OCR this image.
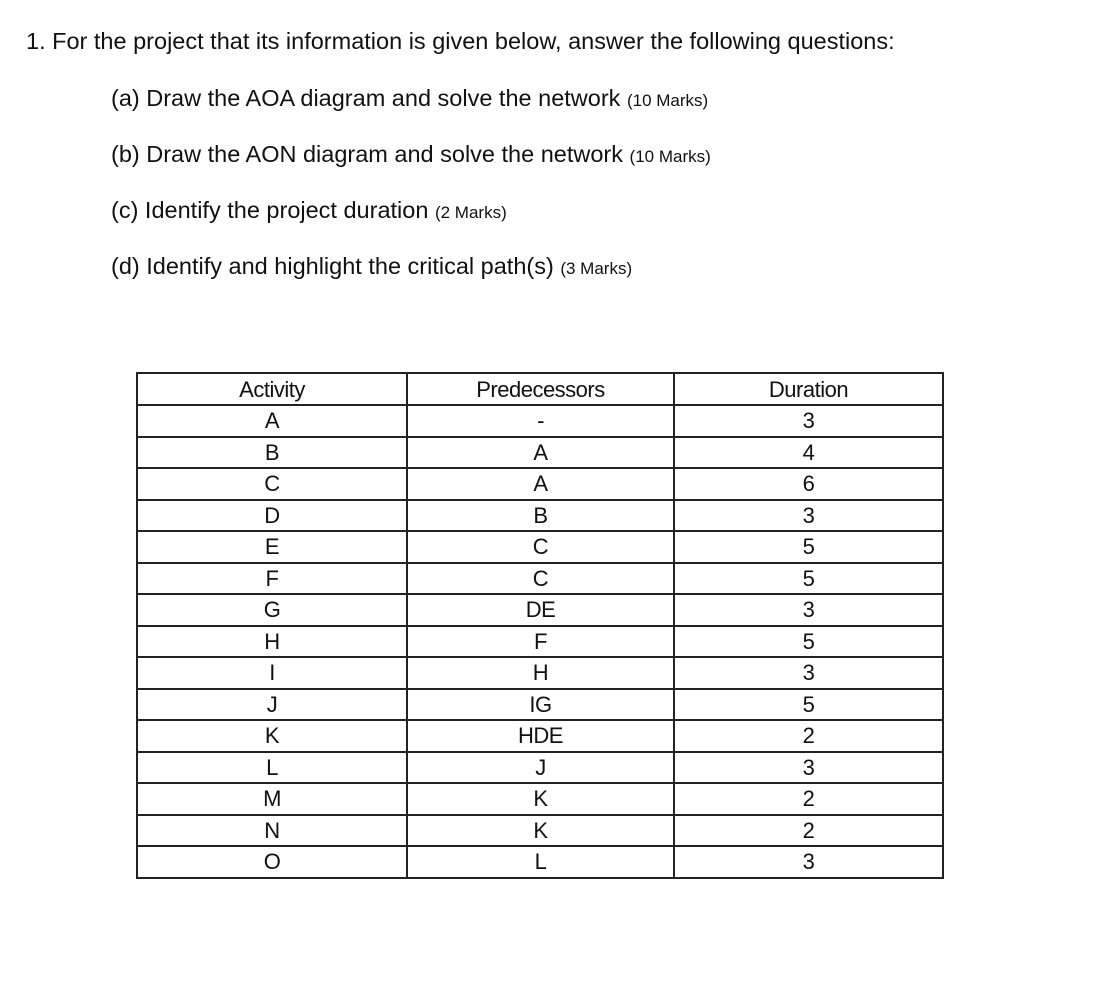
1. For the project that its information is given below, answer the following questions:
(a) Draw the AOA diagram and solve the network (10 Marks)
(b) Draw the AON diagram and solve the network (10 Marks)
(c) Identify the project duration (2 Marks)
(d) Identify and highlight the critical path(s) (3 Marks)
Activity	Predecessors	Duration
A	-	3
B	A	4
C	A	6
D	B	3
E	C	5
F	C	5
G	DE	3
H	F	5
I	H	3
J	IG	5
K	HDE	2
L	J	3
M	K	2
N	K	2
O	L	3
